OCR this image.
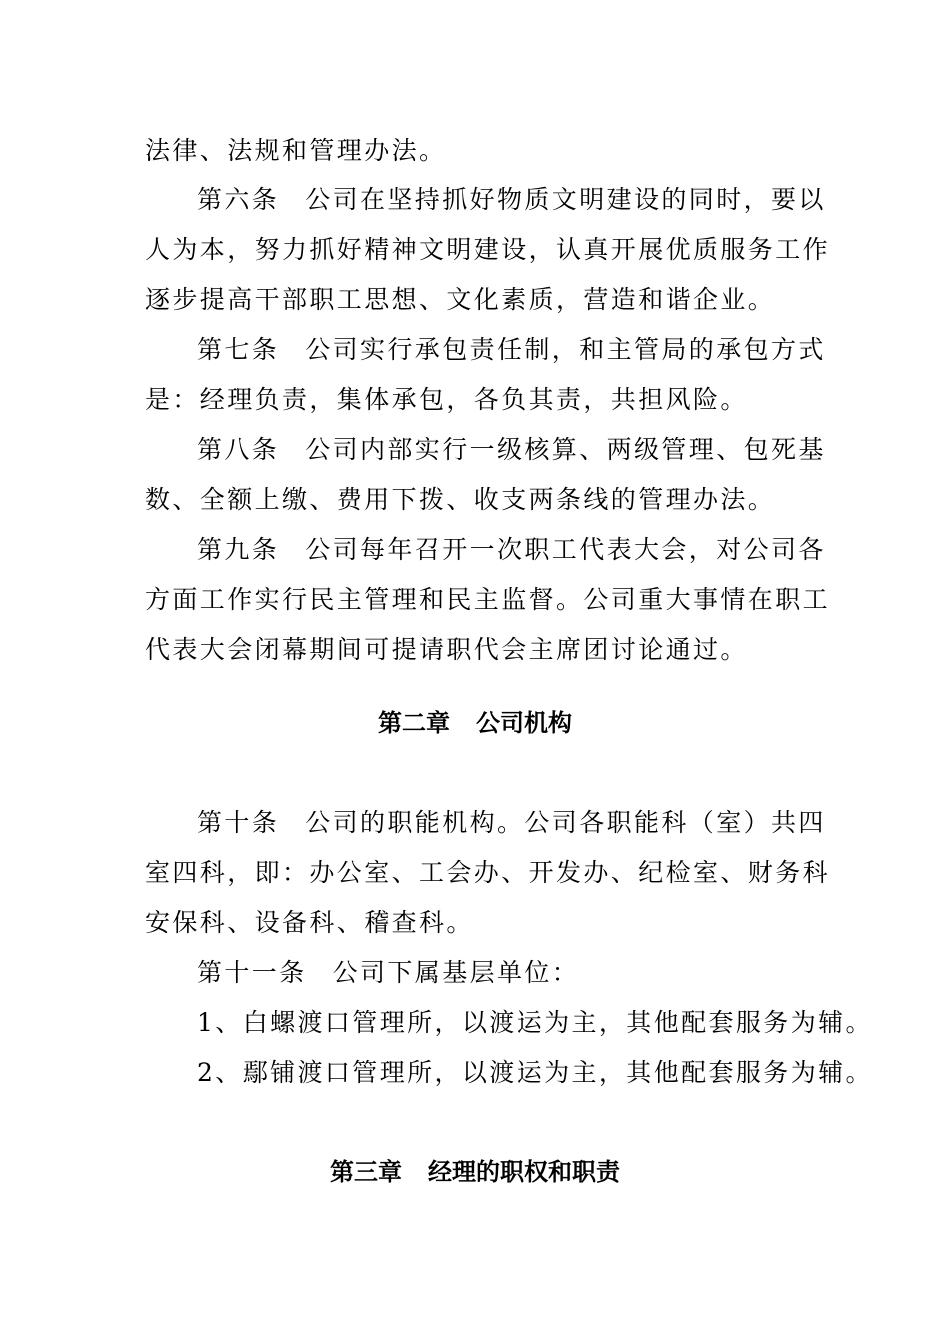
法律、法规和管理办法。
第六条 公司在坚持抓好物质文明建设的同时，要以
人为本，努力抓好精神文明建设，认真开展优质服务工作
逐步提高干部职工思想、文化素质，营造和谐企业。
第七条 公司实行承包责任制，和主管局的承包方式
是：经理负责，集体承包，各负其责，共担风险。
第八条 公司内部实行一级核算、两级管理、包死基
数、全额上缴、费用下拨、收支两条线的管理办法。
第九条 公司每年召开一次职工代表大会，对公司各
方面工作实行民主管理和民主监督。公司重大事情在职工
代表大会闭幕期间可提请职代会主席团讨论通过。
第二章 公司机构
第十条 公司的职能机构。公司各职能科（室）共四
室四科，即：办公室、工会办、开发办、纪检室、财务科
安保科、设备科、稽查科。
第十一条 公司下属基层单位：
1、白螺渡口管理所，以渡运为主，其他配套服务为辅。
2、鄢铺渡口管理所，以渡运为主，其他配套服务为辅。
第三章 经理的职权和职责
